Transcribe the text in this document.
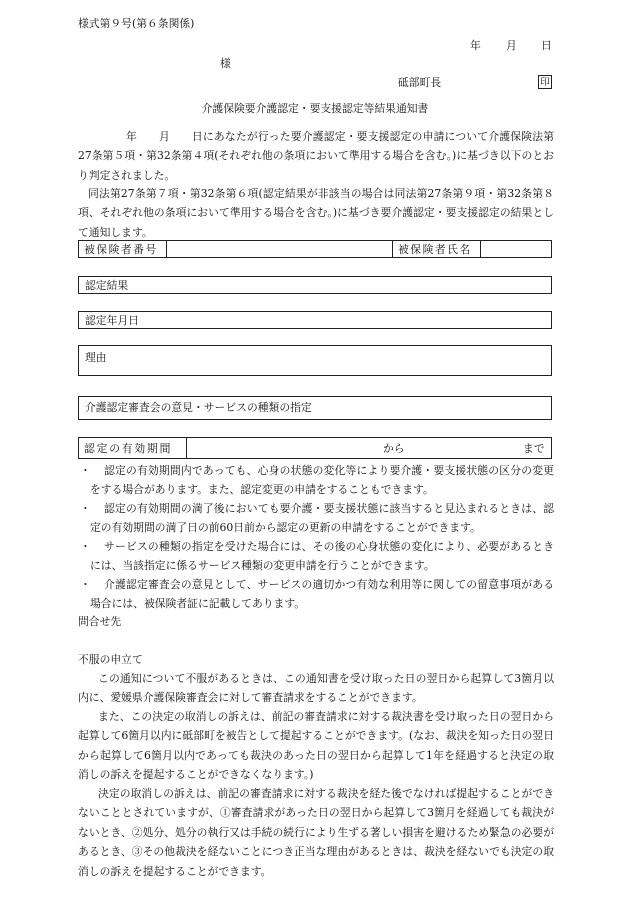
様式第９号(第６条関係)
年 月 日
様
砥部町長	印
介護保険要介護認定・要支援認定等結果通知書
年　　月　　日にあなたが行った要介護認定・要支援認定の申請について介護保険法第27条第５項・第32条第４項(それぞれ他の条項において準用する場合を含む。)に基づき以下のとおり判定されました。
同法第27条第７項・第32条第６項(認定結果が非該当の場合は同法第27条第９項・第32条第８項、それぞれ他の条項において準用する場合を含む。)に基づき要介護認定・要支援認定の結果として通知します。
被保険者番号	被保険者氏名
認定結果
認定年月日
理由
介護認定審査会の意見・サービスの種類の指定
認定の有効期間	から	まで
・	認定の有効期間内であっても、心身の状態の変化等により要介護・要支援状態の区分の変更をする場合があります。また、認定変更の申請をすることもできます。
・	認定の有効期間の満了後においても要介護・要支援状態に該当すると見込まれるときは、認定の有効期間の満了日の前60日前から認定の更新の申請をすることができます。
・	サービスの種類の指定を受けた場合には、その後の心身状態の変化により、必要があるときには、当該指定に係るサービス種類の変更申請を行うことができます。
・	介護認定審査会の意見として、サービスの適切かつ有効な利用等に関しての留意事項がある場合には、被保険者証に記載してあります。
問合せ先
不服の申立て
この通知について不服があるときは、この通知書を受け取った日の翌日から起算して3箇月以内に、愛媛県介護保険審査会に対して審査請求をすることができます。
また、この決定の取消しの訴えは、前記の審査請求に対する裁決書を受け取った日の翌日から起算して6箇月以内に砥部町を被告として提起することができます。(なお、裁決を知った日の翌日から起算して6箇月以内であっても裁決のあった日の翌日から起算して1年を経過すると決定の取消しの訴えを提起することができなくなります。)
決定の取消しの訴えは、前記の審査請求に対する裁決を経た後でなければ提起することができないこととされていますが、①審査請求があった日の翌日から起算して3箇月を経過しても裁決がないとき、②処分、処分の執行又は手続の続行により生ずる著しい損害を避けるため緊急の必要があるとき、③その他裁決を経ないことにつき正当な理由があるときは、裁決を経ないでも決定の取消しの訴えを提起することができます。
